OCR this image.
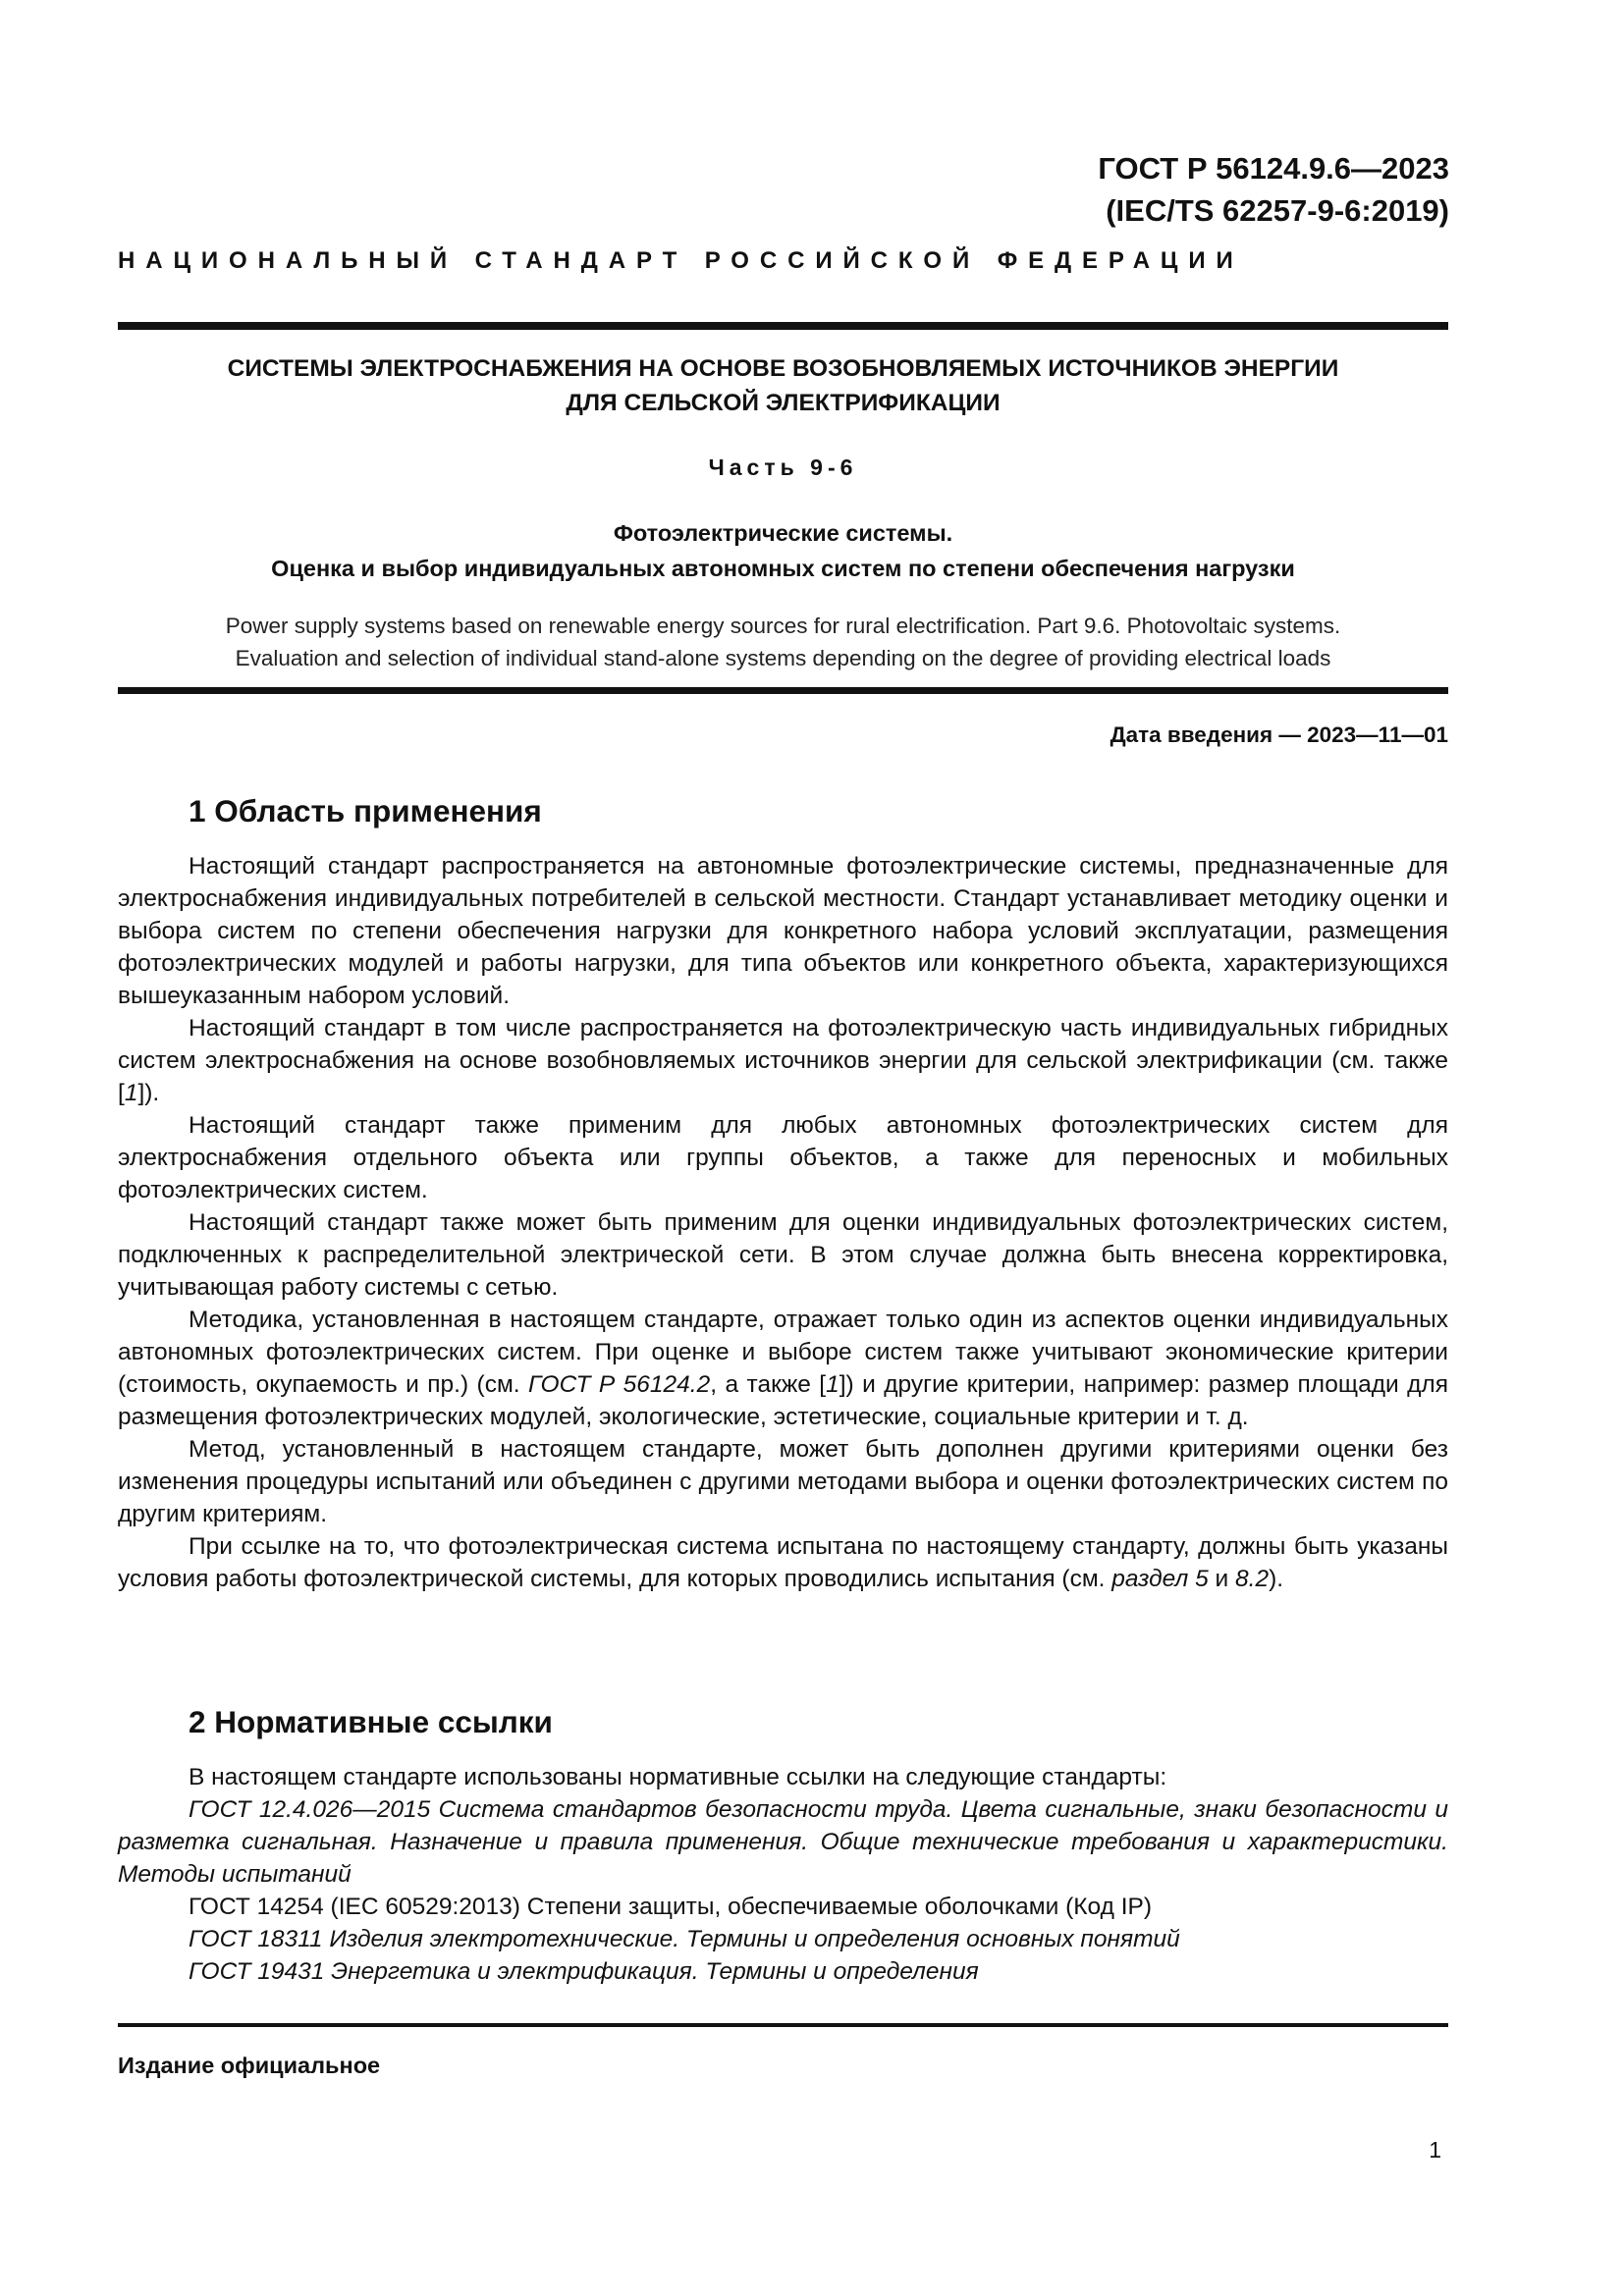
ГОСТ Р 56124.9.6—2023
(IEC/TS 62257-9-6:2019)
НАЦИОНАЛЬНЫЙ СТАНДАРТ РОССИЙСКОЙ ФЕДЕРАЦИИ
СИСТЕМЫ ЭЛЕКТРОСНАБЖЕНИЯ НА ОСНОВЕ ВОЗОБНОВЛЯЕМЫХ ИСТОЧНИКОВ ЭНЕРГИИ
ДЛЯ СЕЛЬСКОЙ ЭЛЕКТРИФИКАЦИИ
Часть 9-6
Фотоэлектрические системы.
Оценка и выбор индивидуальных автономных систем по степени обеспечения нагрузки
Power supply systems based on renewable energy sources for rural electrification. Part 9.6. Photovoltaic systems.
Evaluation and selection of individual stand-alone systems depending on the degree of providing electrical loads
Дата введения — 2023—11—01
1 Область применения

Настоящий стандарт распространяется на автономные фотоэлектрические системы, предназначенные для электроснабжения индивидуальных потребителей в сельской местности. Стандарт устанавливает методику оценки и выбора систем по степени обеспечения нагрузки для конкретного набора условий эксплуатации, размещения фотоэлектрических модулей и работы нагрузки, для типа объектов или конкретного объекта, характеризующихся вышеуказанным набором условий.

Настоящий стандарт в том числе распространяется на фотоэлектрическую часть индивидуальных гибридных систем электроснабжения на основе возобновляемых источников энергии для сельской электрификации (см. также [1]).

Настоящий стандарт также применим для любых автономных фотоэлектрических систем для электроснабжения отдельного объекта или группы объектов, а также для переносных и мобильных фотоэлектрических систем.

Настоящий стандарт также может быть применим для оценки индивидуальных фотоэлектрических систем, подключенных к распределительной электрической сети. В этом случае должна быть внесена корректировка, учитывающая работу системы с сетью.

Методика, установленная в настоящем стандарте, отражает только один из аспектов оценки индивидуальных автономных фотоэлектрических систем. При оценке и выборе систем также учитывают экономические критерии (стоимость, окупаемость и пр.) (см. ГОСТ Р 56124.2, а также [1]) и другие критерии, например: размер площади для размещения фотоэлектрических модулей, экологические, эстетические, социальные критерии и т. д.

Метод, установленный в настоящем стандарте, может быть дополнен другими критериями оценки без изменения процедуры испытаний или объединен с другими методами выбора и оценки фотоэлектрических систем по другим критериям.

При ссылке на то, что фотоэлектрическая система испытана по настоящему стандарту, должны быть указаны условия работы фотоэлектрической системы, для которых проводились испытания (см. раздел 5 и 8.2).

2 Нормативные ссылки

В настоящем стандарте использованы нормативные ссылки на следующие стандарты:

ГОСТ 12.4.026—2015 Система стандартов безопасности труда. Цвета сигнальные, знаки безопасности и разметка сигнальная. Назначение и правила применения. Общие технические требования и характеристики. Методы испытаний

ГОСТ 14254 (IEC 60529:2013) Степени защиты, обеспечиваемые оболочками (Код IP)

ГОСТ 18311 Изделия электротехнические. Термины и определения основных понятий

ГОСТ 19431 Энергетика и электрификация. Термины и определения

Издание официальное
1
